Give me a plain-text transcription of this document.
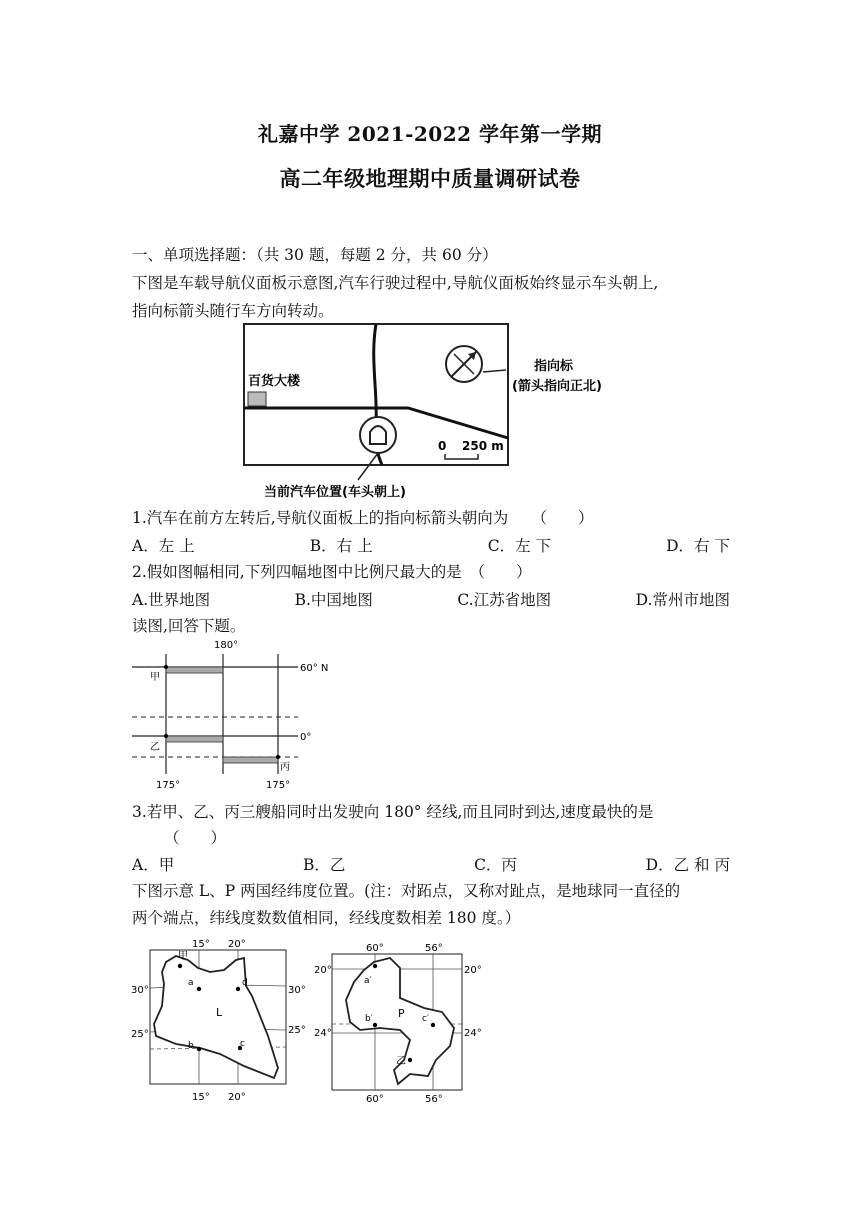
礼嘉中学 2021-2022 学年第一学期
高二年级地理期中质量调研试卷
一、单项选择题：（共 30 题，每题 2 分，共 60 分）
下图是车载导航仪面板示意图,汽车行驶过程中,导航仪面板始终显示车头朝上,
指向标箭头随行车方向转动。
百货大楼
指向标
(箭头指向正北)
0 250 m
当前汽车位置(车头朝上)
1.汽车在前方左转后,导航仪面板上的指向标箭头朝向为　　（　　）
A．左 上	B．右 上	C．左 下	D．右 下
2.假如图幅相同,下列四幅地图中比例尺最大的是　（　　）
A.世界地图	B.中国地图	C.江苏省地图	D.常州市地图
读图,回答下题。
180°
60° N
0°
甲
乙
丙
175°	175°
3.若甲、乙、丙三艘船同时出发驶向 180° 经线,而且同时到达,速度最快的是
（　　）
A．甲	B．乙	C．丙	D．乙 和 丙
下图示意 L、P 两国经纬度位置。(注：对跖点，又称对趾点，是地球同一直径的
两个端点，纬线度数数值相同，经线度数相差 180 度。）
15° 20°
15° 20°
30°	30°
25°	25°
甲
a	d
L
b	c
60°	56°
60°	56°
20°	20°
24°	24°
a′
b′ P c′
乙
